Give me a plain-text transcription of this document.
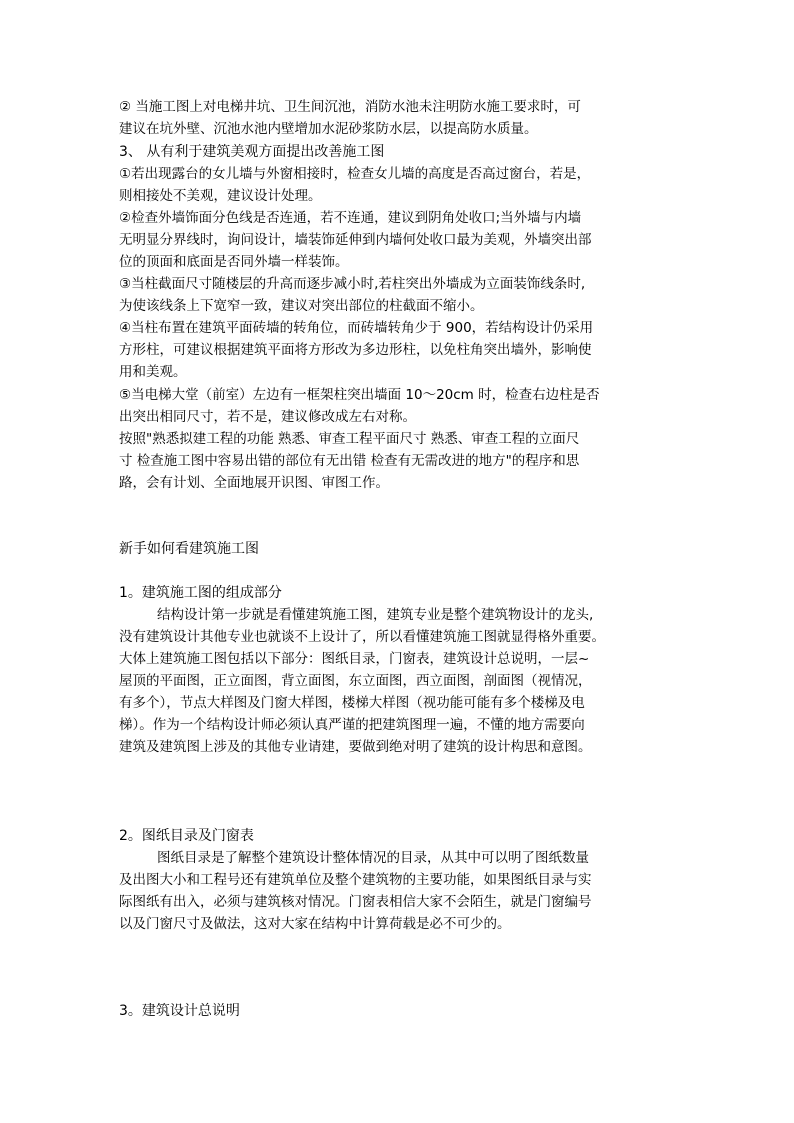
② 当施工图上对电梯井坑、卫生间沉池，消防水池未注明防水施工要求时，可
建议在坑外壁、沉池水池内壁增加水泥砂浆防水层，以提高防水质量。
3、 从有利于建筑美观方面提出改善施工图
①若出现露台的女儿墙与外窗相接时，检查女儿墙的高度是否高过窗台，若是，
则相接处不美观，建议设计处理。
②检查外墙饰面分色线是否连通，若不连通，建议到阴角处收口;当外墙与内墙
无明显分界线时，询问设计，墙装饰延伸到内墙何处收口最为美观，外墙突出部
位的顶面和底面是否同外墙一样装饰。
③当柱截面尺寸随楼层的升高而逐步减小时,若柱突出外墙成为立面装饰线条时,
为使该线条上下宽窄一致，建议对突出部位的柱截面不缩小。
④当柱布置在建筑平面砖墙的转角位，而砖墙转角少于 900，若结构设计仍采用
方形柱，可建议根据建筑平面将方形改为多边形柱，以免柱角突出墙外，影响使
用和美观。
⑤当电梯大堂（前室）左边有一框架柱突出墙面 10～20cm 时，检查右边柱是否
出突出相同尺寸，若不是，建议修改成左右对称。
按照"熟悉拟建工程的功能 熟悉、审查工程平面尺寸 熟悉、审查工程的立面尺
寸 检查施工图中容易出错的部位有无出错 检查有无需改进的地方"的程序和思
路，会有计划、全面地展开识图、审图工作。
新手如何看建筑施工图
1。建筑施工图的组成部分
结构设计第一步就是看懂建筑施工图，建筑专业是整个建筑物设计的龙头,
没有建筑设计其他专业也就谈不上设计了，所以看懂建筑施工图就显得格外重要。
大体上建筑施工图包括以下部分：图纸目录，门窗表，建筑设计总说明，一层~
屋顶的平面图，正立面图，背立面图，东立面图，西立面图，剖面图（视情况，
有多个），节点大样图及门窗大样图，楼梯大样图（视功能可能有多个楼梯及电
梯）。作为一个结构设计师必须认真严谨的把建筑图理一遍，不懂的地方需要向
建筑及建筑图上涉及的其他专业请建，要做到绝对明了建筑的设计构思和意图。
2。图纸目录及门窗表
图纸目录是了解整个建筑设计整体情况的目录，从其中可以明了图纸数量
及出图大小和工程号还有建筑单位及整个建筑物的主要功能，如果图纸目录与实
际图纸有出入，必须与建筑核对情况。门窗表相信大家不会陌生，就是门窗编号
以及门窗尺寸及做法，这对大家在结构中计算荷载是必不可少的。
3。建筑设计总说明
